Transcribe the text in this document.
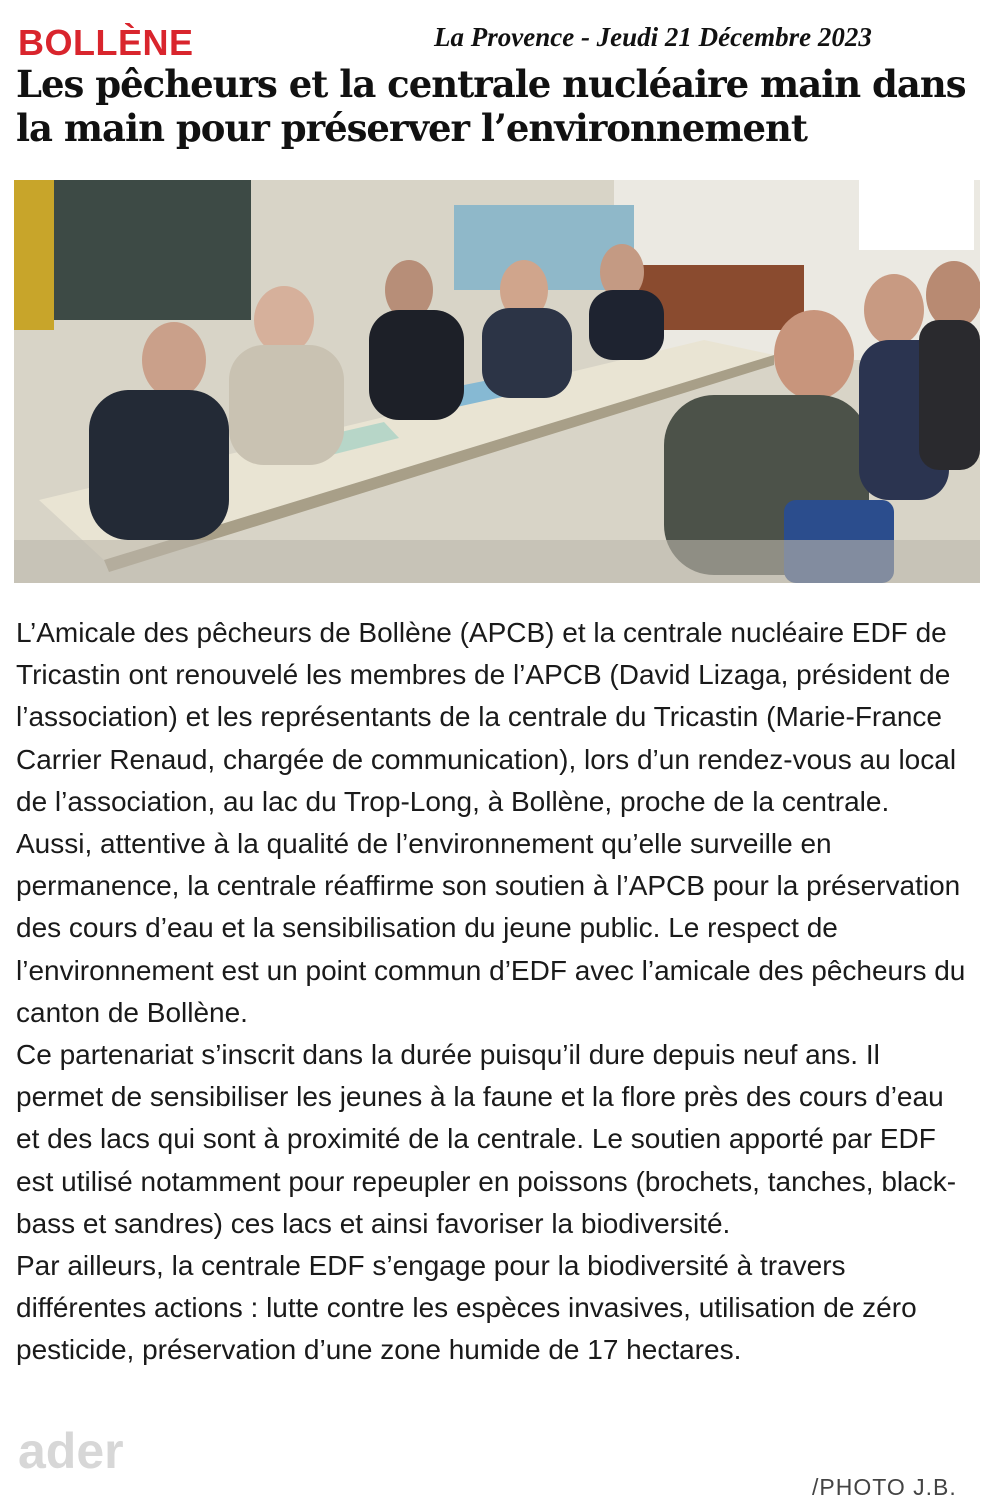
BOLLÈNE	La Provence - Jeudi 21 Décembre 2023
Les pêcheurs et la centrale nucléaire main dans la main pour préserver l’environnement
ader

L’Amicale des pêcheurs de Bollène (APCB) et la centrale nucléaire EDF de Tricastin ont renouvelé les membres de l’APCB (David Lizaga, président de l’association) et les représentants de la centrale du Tricastin (Marie-France Carrier Renaud, chargée de communication), lors d’un rendez-vous au local de l’association, au lac du Trop-Long, à Bollène, proche de la centrale. Aussi, attentive à la qualité de l’environnement qu’elle surveille en permanence, la centrale réaffirme son soutien à l’APCB pour la préservation des cours d’eau et la sensibilisation du jeune public. Le respect de l’environnement est un point commun d’EDF avec l’amicale des pêcheurs du canton de Bollène.

Ce partenariat s’inscrit dans la durée puisqu’il dure depuis neuf ans. Il permet de sensibiliser les jeunes à la faune et la flore près des cours d’eau et des lacs qui sont à proximité de la centrale. Le soutien apporté par EDF est utilisé notamment pour repeupler en poissons (brochets, tanches, black-bass et sandres) ces lacs et ainsi favoriser la biodiversité.

Par ailleurs, la centrale EDF s’engage pour la biodiversité à travers différentes actions : lutte contre les espèces invasives, utilisation de zéro pesticide, préservation d’une zone humide de 17 hectares.

/PHOTO J.B.
